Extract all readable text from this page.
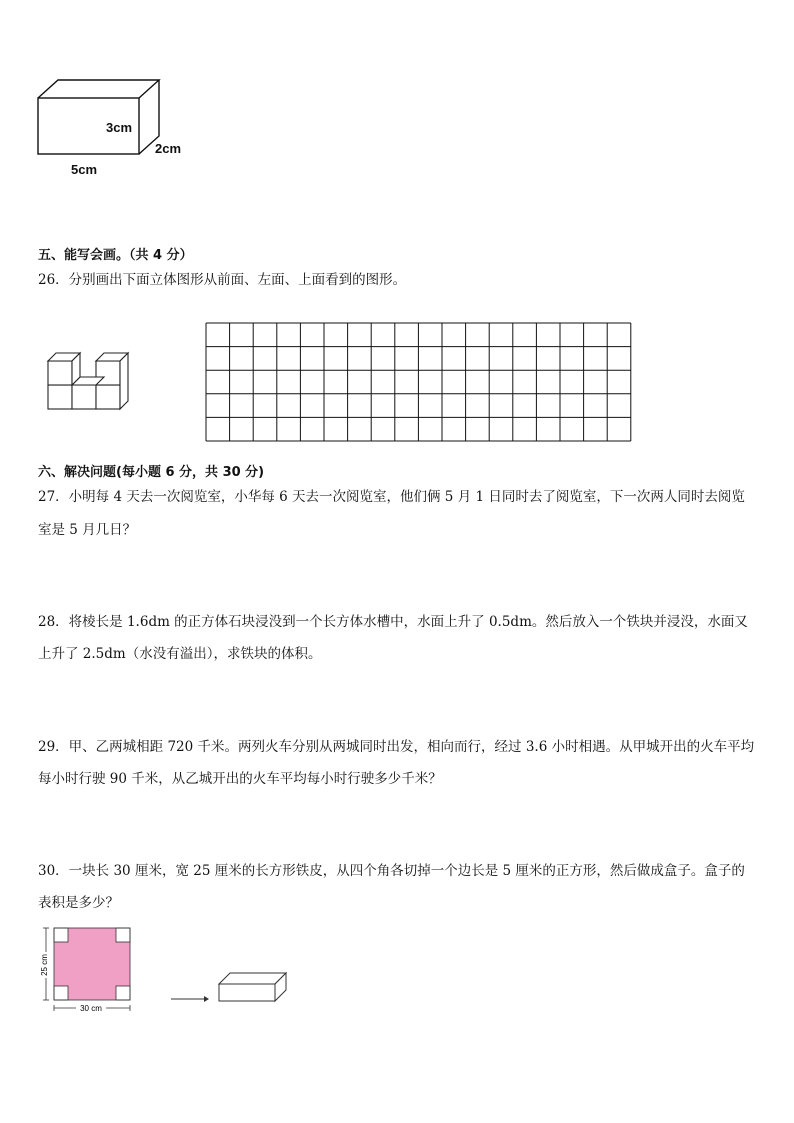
3cm
2cm
5cm
五、能写会画。（共 4 分）
26．分别画出下面立体图形从前面、左面、上面看到的图形。
六、解决问题(每小题 6 分，共 30 分)
27．小明每 4 天去一次阅览室，小华每 6 天去一次阅览室，他们俩 5 月 1 日同时去了阅览室，下一次两人同时去阅览
室是 5 月几日？
28．将棱长是 1.6dm 的正方体石块浸没到一个长方体水槽中，水面上升了 0.5dm。然后放入一个铁块并浸没，水面又
上升了 2.5dm（水没有溢出），求铁块的体积。
29．甲、乙两城相距 720 千米。两列火车分别从两城同时出发，相向而行，经过 3.6 小时相遇。从甲城开出的火车平均
每小时行驶 90 千米，从乙城开出的火车平均每小时行驶多少千米？
30．一块长 30 厘米，宽 25 厘米的长方形铁皮，从四个角各切掉一个边长是 5 厘米的正方形，然后做成盒子。盒子的
表积是多少？
25 cm
30 cm
